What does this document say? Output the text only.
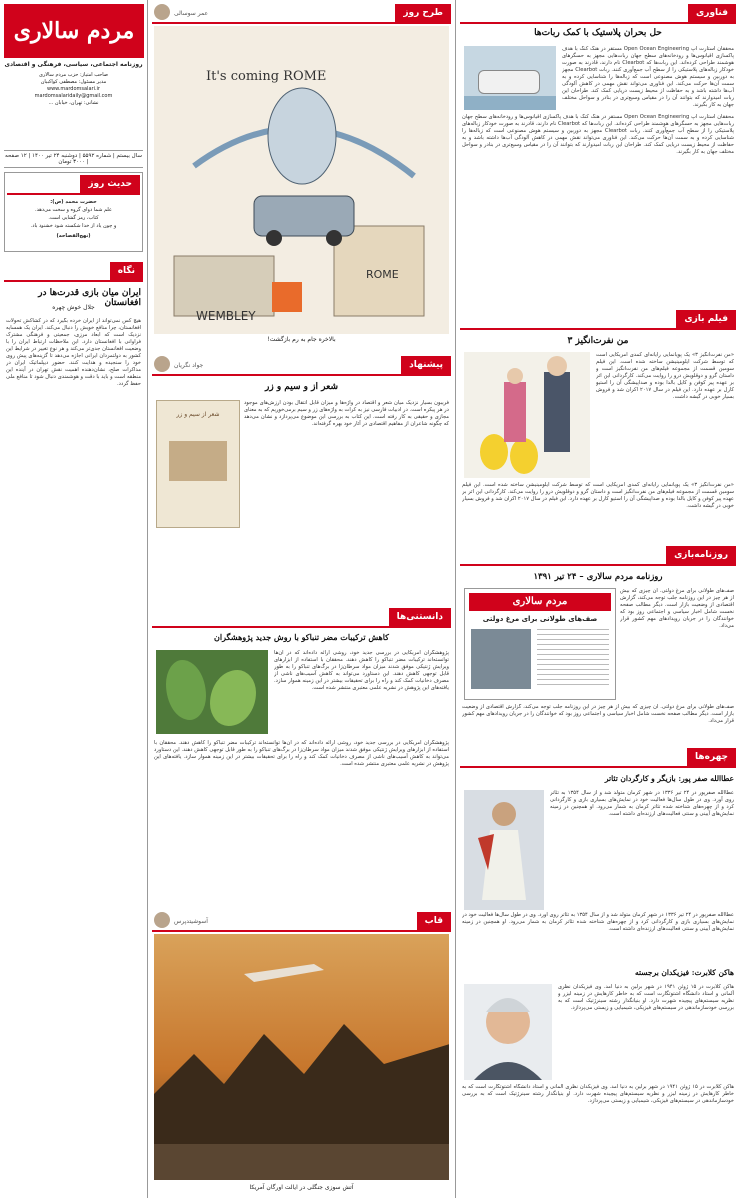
مردم سالاری
روزنامه اجتماعی، سیاسی، فرهنگی و اقتصادی
صاحب امتیاز: حزب مردم سالاری
مدیر مسئول: مصطفی کواکبیان
www.mardomsalari.ir
mardomsalaridaily@gmail.com
نشانی: تهران، خیابان ...
سال بیستم | شماره ۵۵۹۲ | دوشنبه ۲۴ تیر ۱۴۰۰ | ۱۲ صفحه | ۳۰۰۰ تومان
حدیث روز
حضرت محمد (ص):
علم شما دوای گروه و سخت می‌دهد.
کتاب، رمز گشایی است.
و چون یاد از خدا شکسته شود خشنود باد.
(نهج‌الفصاحه)
نگاه
ایران میان بازی قدرت‌ها در افغانستان
جلال خوش چهره
هیچ کس نمی‌تواند از ایران خرده بگیرد که در کشاکش تحولات افغانستان، چرا منافع خویش را دنبال می‌کند. ایران یک همسایه نزدیک است که ابعاد مرزی، جمعیتی و فرهنگی مشترک فراوانی با افغانستان دارد. این ملاحظات ارتباط ایران را با وضعیت افغانستان جدی‌تر می‌کند و هر نوع تغییر در شرایط این کشور به دولتمردان ایرانی اجازه می‌دهد تا گزینه‌های پیش روی خود را سنجیده و هدایت کنند. حضور دیپلماتیک ایران در مذاکرات صلح، نشان‌دهنده اهمیت نقش تهران در آینده این منطقه است و باید با دقت و هوشمندی دنبال شود تا منافع ملی حفظ گردد.
عمر سوسالی	طرح روز
It's coming ROME
WEMBLEY
ROME
بالاخره جام به رم بازگشت!
جواد نگریان	پیشنهاد
شعر از و سیم و زر
شعر از سیم و زر
فریبون بسیار نزدیک میان شعر و اقتصاد در واژه‌ها و میزان قابل انتقال بودن ارزش‌های موجود در هر پیکره است. در ادبیات فارسی نیز به کرات به واژه‌های زر و سیم برمی‌خوریم که به معنای مجازی و حقیقی به کار رفته است. این کتاب به بررسی این موضوع می‌پردازد و نشان می‌دهد که چگونه شاعران از مفاهیم اقتصادی در آثار خود بهره گرفته‌اند.
دانستنی‌ها
کاهش ترکیبات مضر تنباکو با روش جدید پژوهشگران
پژوهشگران آمریکایی در بررسی جدید خود، روشی ارائه داده‌اند که در آن‌ها توانسته‌اند ترکیبات مضر تنباکو را کاهش دهند. محققان با استفاده از ابزارهای ویرایش ژنتیکی موفق شدند میزان مواد سرطان‌زا در برگ‌های تنباکو را به طور قابل توجهی کاهش دهند. این دستاورد می‌تواند به کاهش آسیب‌های ناشی از مصرف دخانیات کمک کند و راه را برای تحقیقات بیشتر در این زمینه هموار سازد. یافته‌های این پژوهش در نشریه علمی معتبری منتشر شده است.
پژوهشگران آمریکایی در بررسی جدید خود، روشی ارائه داده‌اند که در آن‌ها توانسته‌اند ترکیبات مضر تنباکو را کاهش دهند. محققان با استفاده از ابزارهای ویرایش ژنتیکی موفق شدند میزان مواد سرطان‌زا در برگ‌های تنباکو را به طور قابل توجهی کاهش دهند. این دستاورد می‌تواند به کاهش آسیب‌های ناشی از مصرف دخانیات کمک کند و راه را برای تحقیقات بیشتر در این زمینه هموار سازد. یافته‌های این پژوهش در نشریه علمی معتبری منتشر شده است.
آسوشیتدپرس	قاب
آتش سوزی جنگلی در ایالت اورگان آمریکا
فناوری
حل بحران پلاستیک با کمک ربات‌ها
محققان استارت آپ Open Ocean Engineering مستقر در هنگ کنگ با هدف پاکسازی اقیانوس‌ها و رودخانه‌های سطح جهان ربات‌هایی مجهز به حسگرهای هوشمند طراحی کرده‌اند. این ربات‌ها که Clearbot نام دارند، قادرند به صورت خودکار زباله‌های پلاستیکی را از سطح آب جمع‌آوری کنند. ربات Clearbot مجهز به دوربین و سیستم هوش مصنوعی است که زباله‌ها را شناسایی کرده و به سمت آن‌ها حرکت می‌کند. این فناوری می‌تواند نقش مهمی در کاهش آلودگی آب‌ها داشته باشد و به حفاظت از محیط زیست دریایی کمک کند. طراحان این ربات امیدوارند که بتوانند آن را در مقیاس وسیع‌تری در بنادر و سواحل مختلف جهان به کار بگیرند.
محققان استارت آپ Open Ocean Engineering مستقر در هنگ کنگ با هدف پاکسازی اقیانوس‌ها و رودخانه‌های سطح جهان ربات‌هایی مجهز به حسگرهای هوشمند طراحی کرده‌اند. این ربات‌ها که Clearbot نام دارند، قادرند به صورت خودکار زباله‌های پلاستیکی را از سطح آب جمع‌آوری کنند. ربات Clearbot مجهز به دوربین و سیستم هوش مصنوعی است که زباله‌ها را شناسایی کرده و به سمت آن‌ها حرکت می‌کند. این فناوری می‌تواند نقش مهمی در کاهش آلودگی آب‌ها داشته باشد و به حفاظت از محیط زیست دریایی کمک کند. طراحان این ربات امیدوارند که بتوانند آن را در مقیاس وسیع‌تری در بنادر و سواحل مختلف جهان به کار بگیرند.
فیلم بازی
من نفرت‌انگیز ۳
«من نفرت‌انگیز ۳» یک پویانمایی رایانه‌ای کمدی آمریکایی است که توسط شرکت ایلومینیشن ساخته شده است. این فیلم سومین قسمت از مجموعه فیلم‌های من نفرت‌انگیز است و داستان گرو و دوقلویش درو را روایت می‌کند. کارگردانی این اثر بر عهده پیر کوفن و کایل بالدا بوده و صداپیشگی آن را استیو کارل بر عهده دارد. این فیلم در سال ۲۰۱۷ اکران شد و فروش بسیار خوبی در گیشه داشت.
«من نفرت‌انگیز ۳» یک پویانمایی رایانه‌ای کمدی آمریکایی است که توسط شرکت ایلومینیشن ساخته شده است. این فیلم سومین قسمت از مجموعه فیلم‌های من نفرت‌انگیز است و داستان گرو و دوقلویش درو را روایت می‌کند. کارگردانی این اثر بر عهده پیر کوفن و کایل بالدا بوده و صداپیشگی آن را استیو کارل بر عهده دارد. این فیلم در سال ۲۰۱۷ اکران شد و فروش بسیار خوبی در گیشه داشت.
روزنامه‌بازی
روزنامه مردم سالاری – ۲۴ تیر ۱۳۹۱
مردم سالاری
صف‌های طولانی برای مرغ دولتی
صف‌های طولانی برای مرغ دولتی. آن چیزی که بیش از هر چیز در این روزنامه جلب توجه می‌کند، گزارش اقتصادی از وضعیت بازار است. دیگر مطالب صفحه نخست شامل اخبار سیاسی و اجتماعی روز بود که خوانندگان را در جریان رویدادهای مهم کشور قرار می‌داد.
صف‌های طولانی برای مرغ دولتی. آن چیزی که بیش از هر چیز در این روزنامه جلب توجه می‌کند، گزارش اقتصادی از وضعیت بازار است. دیگر مطالب صفحه نخست شامل اخبار سیاسی و اجتماعی روز بود که خوانندگان را در جریان رویدادهای مهم کشور قرار می‌داد.
چهره‌ها
عطاالله صفر پور: بازیگر و کارگردان تئاتر
عطاالله صفرپور در ۲۴ تیر ۱۳۳۶ در شهر کرمان متولد شد و از سال ۱۳۵۴ به تئاتر روی آورد. وی در طول سال‌ها فعالیت خود در نمایش‌های بسیاری بازی و کارگردانی کرد و از چهره‌های شناخته شده تئاتر کرمان به شمار می‌رود. او همچنین در زمینه نمایش‌های آیینی و سنتی فعالیت‌های ارزنده‌ای داشته است.
عطاالله صفرپور در ۲۴ تیر ۱۳۳۶ در شهر کرمان متولد شد و از سال ۱۳۵۴ به تئاتر روی آورد. وی در طول سال‌ها فعالیت خود در نمایش‌های بسیاری بازی و کارگردانی کرد و از چهره‌های شناخته شده تئاتر کرمان به شمار می‌رود. او همچنین در زمینه نمایش‌های آیینی و سنتی فعالیت‌های ارزنده‌ای داشته است.
هاکن کلابرت: فیزیکدان برجسته
هاکن کلابرت در ۱۵ ژوئن ۱۹۴۱ در شهر برلین به دنیا آمد. وی فیزیکدان نظری آلمانی و استاد دانشگاه اشتوتگارت است که به خاطر کارهایش در زمینه لیزر و نظریه سیستم‌های پیچیده شهرت دارد. او بنیانگذار رشته سینرژتیک است که به بررسی خودسازماندهی در سیستم‌های فیزیکی، شیمیایی و زیستی می‌پردازد.
هاکن کلابرت در ۱۵ ژوئن ۱۹۴۱ در شهر برلین به دنیا آمد. وی فیزیکدان نظری آلمانی و استاد دانشگاه اشتوتگارت است که به خاطر کارهایش در زمینه لیزر و نظریه سیستم‌های پیچیده شهرت دارد. او بنیانگذار رشته سینرژتیک است که به بررسی خودسازماندهی در سیستم‌های فیزیکی، شیمیایی و زیستی می‌پردازد.
